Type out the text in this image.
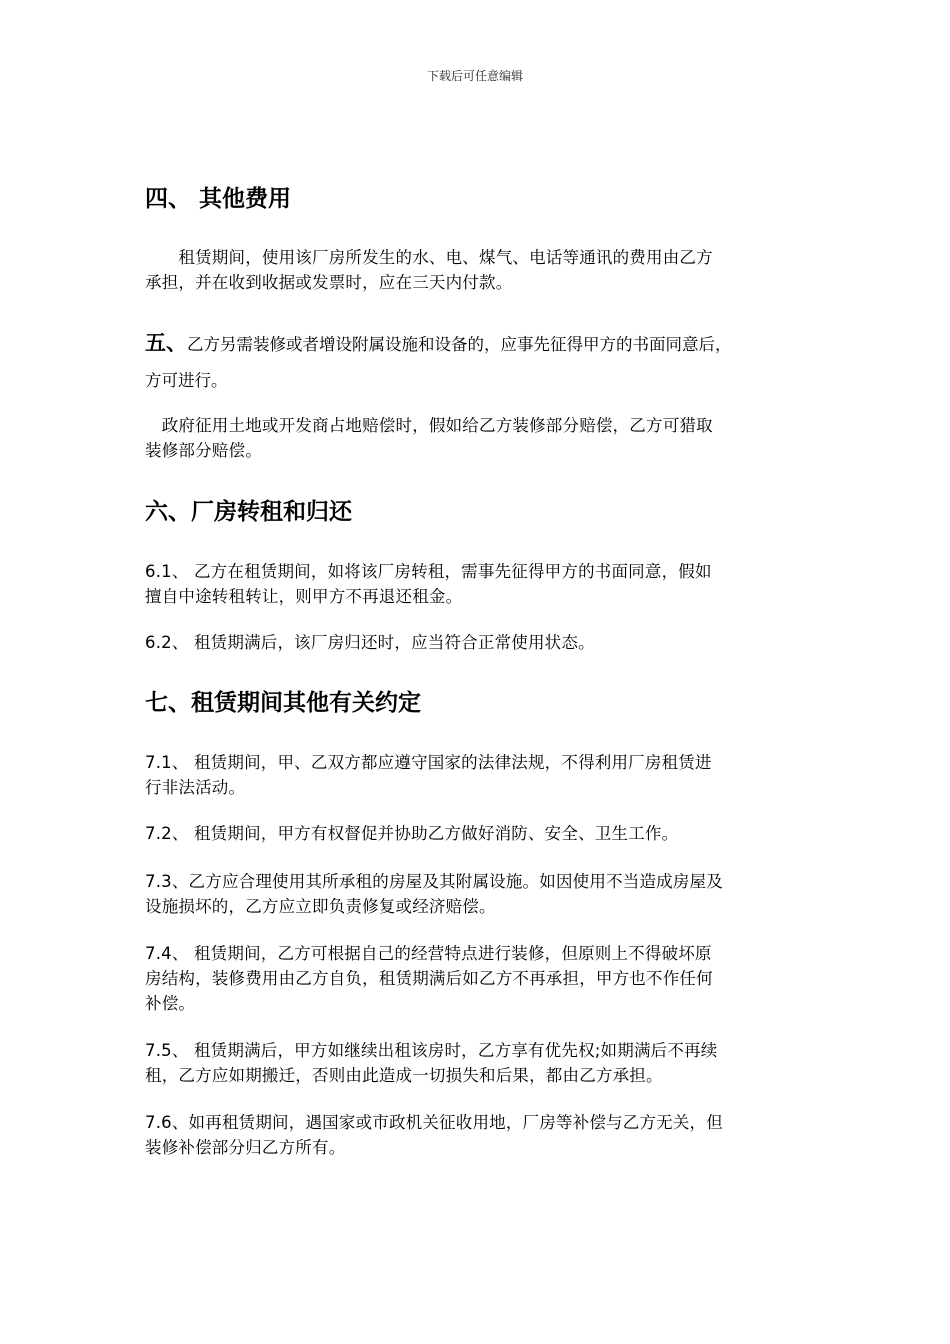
下载后可任意编辑
四、 其他费用
　　租赁期间，使用该厂房所发生的水、电、煤气、电话等通讯的费用由乙方
承担，并在收到收据或发票时，应在三天内付款。
五、乙方另需装修或者增设附属设施和设备的，应事先征得甲方的书面同意后，
方可进行。
　政府征用土地或开发商占地赔偿时，假如给乙方装修部分赔偿，乙方可猎取
装修部分赔偿。
六、厂房转租和归还
6.1、 乙方在租赁期间，如将该厂房转租，需事先征得甲方的书面同意，假如
擅自中途转租转让，则甲方不再退还租金。
6.2、 租赁期满后，该厂房归还时，应当符合正常使用状态。
七、租赁期间其他有关约定
7.1、 租赁期间，甲、乙双方都应遵守国家的法律法规，不得利用厂房租赁进
行非法活动。
7.2、 租赁期间，甲方有权督促并协助乙方做好消防、安全、卫生工作。
7.3、乙方应合理使用其所承租的房屋及其附属设施。如因使用不当造成房屋及
设施损坏的，乙方应立即负责修复或经济赔偿。
7.4、 租赁期间，乙方可根据自己的经营特点进行装修，但原则上不得破坏原
房结构，装修费用由乙方自负，租赁期满后如乙方不再承担，甲方也不作任何
补偿。
7.5、 租赁期满后，甲方如继续出租该房时，乙方享有优先权;如期满后不再续
租，乙方应如期搬迁，否则由此造成一切损失和后果，都由乙方承担。
7.6、如再租赁期间，遇国家或市政机关征收用地，厂房等补偿与乙方无关，但
装修补偿部分归乙方所有。
